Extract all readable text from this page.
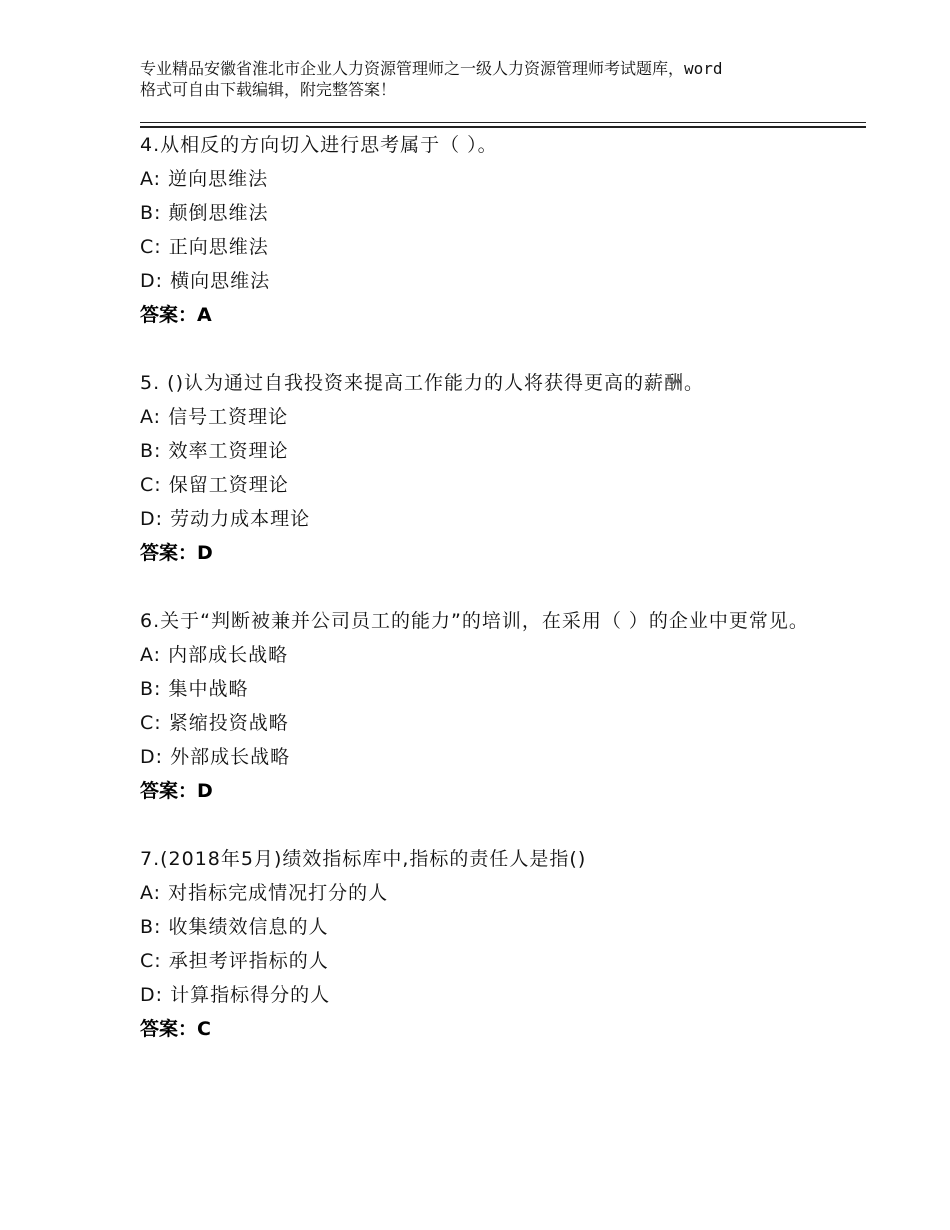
专业精品安徽省淮北市企业人力资源管理师之一级人力资源管理师考试题库，word
格式可自由下载编辑，附完整答案！
4.从相反的方向切入进行思考属于（ ）。
A: 逆向思维法
B: 颠倒思维法
C: 正向思维法
D: 横向思维法
答案：A
5. ()认为通过自我投资来提高工作能力的人将获得更高的薪酬。
A: 信号工资理论
B: 效率工资理论
C: 保留工资理论
D: 劳动力成本理论
答案：D
6.关于“判断被兼并公司员工的能力”的培训，在采用（ ）的企业中更常见。
A: 内部成长战略
B: 集中战略
C: 紧缩投资战略
D: 外部成长战略
答案：D
7.(2018年5月)绩效指标库中,指标的责任人是指()
A: 对指标完成情况打分的人
B: 收集绩效信息的人
C: 承担考评指标的人
D: 计算指标得分的人
答案：C
